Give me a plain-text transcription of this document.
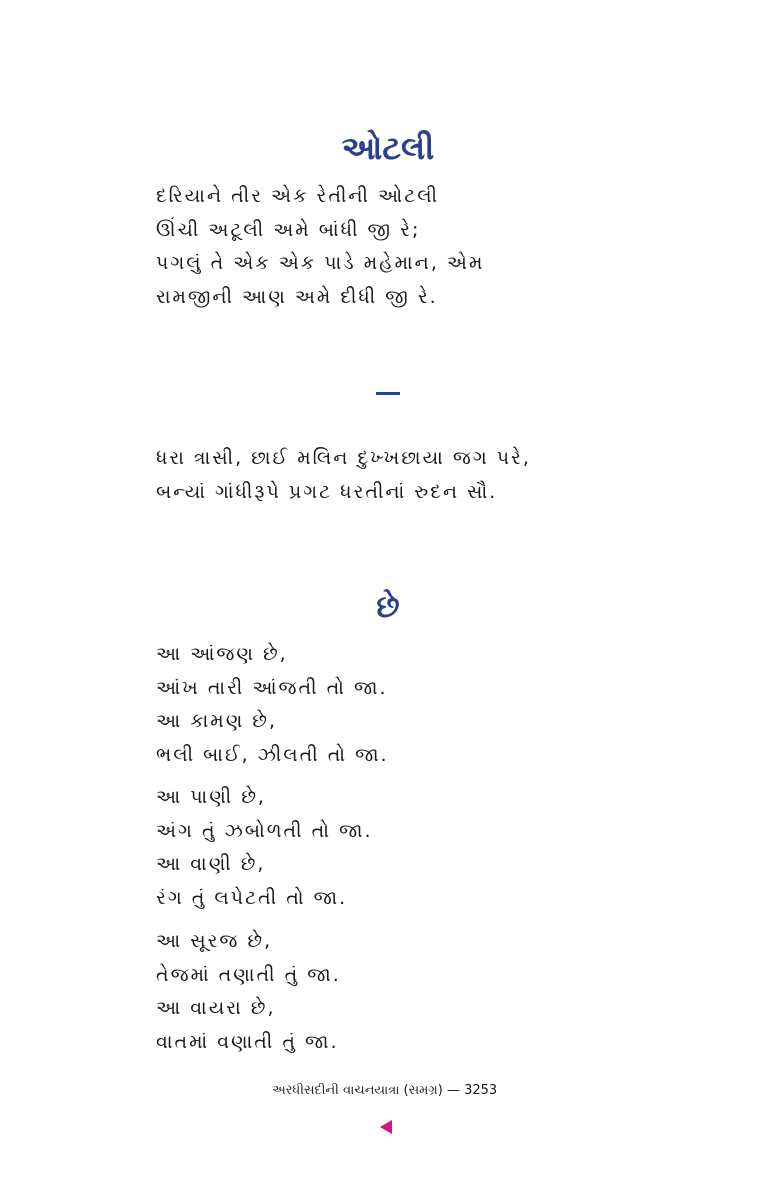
ઓટલી
દરિયાને તીર એક રેતીની ઓટલી
ઊંચી અટૂલી અમે બાંધી જી રે;
પગલું તે એક એક પાડે મહેમાન, એમ
રામજીની આણ અમે દીધી જી રે.
ધરા ત્રાસી, છાઈ મલિન દુખ્ખછાયા જગ પરે,
બન્યાં ગાંધીરૂપે પ્રગટ ધરતીનાં રુદન સૌ.
છે
આ આંજણ છે,
આંખ તારી આંજતી તો જા.
આ કામણ છે,
ભલી બાઈ, ઝીલતી તો જા.
આ પાણી છે,
અંગ તું ઝબોળતી તો જા.
આ વાણી છે,
રંગ તું લપેટતી તો જા.
આ સૂરજ છે,
તેજમાં તણાતી તું જા.
આ વાયરા છે,
વાતમાં વણાતી તું જા.
અરધીસદીની વાચનયાત્રા (સમગ્ર) — 3253
